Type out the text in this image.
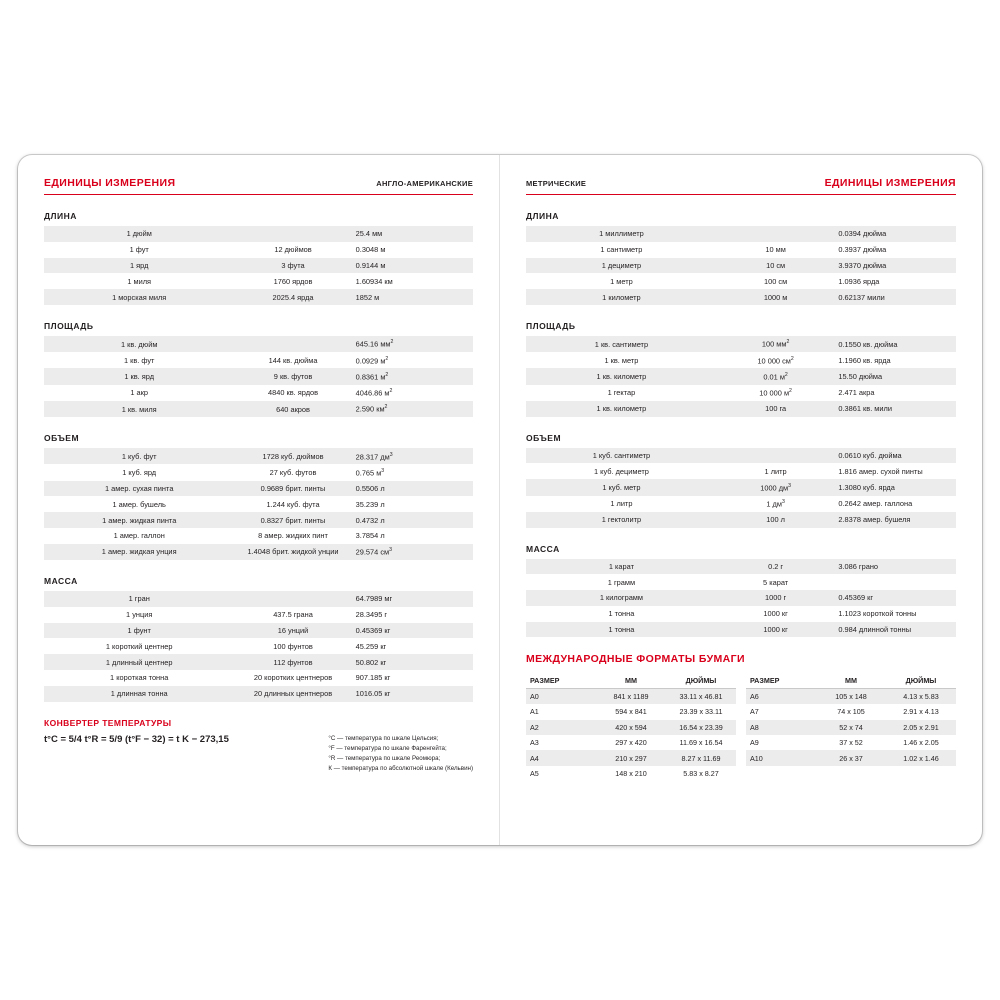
ЕДИНИЦЫ ИЗМЕРЕНИЯ	АНГЛО-АМЕРИКАНСКИЕ
ДЛИНА
1 дюйм		25.4 мм
1 фут	12 дюймов	0.3048 м
1 ярд	3 фута	0.9144 м
1 миля	1760 ярдов	1.60934 км
1 морская миля	2025.4 ярда	1852 м
ПЛОЩАДЬ
1 кв. дюйм		645.16 $мм^2$
1 кв. фут	144 кв. дюйма	0.0929 $м^2$
1 кв. ярд	9 кв. футов	0.8361 $м^2$
1 акр	4840 кв. ярдов	4046.86 $м^2$
1 кв. миля	640 акров	2.590 $км^2$
ОБЪЕМ
1 куб. фут	1728 куб. дюймов	28.317 $дм^3$
1 куб. ярд	27 куб. футов	0.765 $м^3$
1 амер. сухая пинта	0.9689 брит. пинты	0.5506 л
1 амер. бушель	1.244 куб. фута	35.239 л
1 амер. жидкая пинта	0.8327 брит. пинты	0.4732 л
1 амер. галлон	8 амер. жидких пинт	3.7854 л
1 амер. жидкая унция	1.4048 брит. жидкой унции	29.574 $см^3$
МАССА
1 гран		64.7989 мг
1 унция	437.5 грана	28.3495 г
1 фунт	16 унций	0.45369 кг
1 короткий центнер	100 фунтов	45.259 кг
1 длинный центнер	112 фунтов	50.802 кг
1 короткая тонна	20 коротких центнеров	907.185 кг
1 длинная тонна	20 длинных центнеров	1016.05 кг
КОНВЕРТЕР ТЕМПЕРАТУРЫ
t°C = 5/4 t°R = 5/9 (t°F − 32) = t K − 273,15	°С — температура по шкале Цельсия;
°F — температура по шкале Фаренгейта;
°R — температура по шкале Реомюра;
К — температура по абсолютной шкале (Кельвин)
МЕТРИЧЕСКИЕ	ЕДИНИЦЫ ИЗМЕРЕНИЯ
ДЛИНА
1 миллиметр		0.0394 дюйма
1 сантиметр	10 мм	0.3937 дюйма
1 дециметр	10 см	3.9370 дюйма
1 метр	100 см	1.0936 ярда
1 километр	1000 м	0.62137 мили
ПЛОЩАДЬ
1 кв. сантиметр	100 $мм^2$	0.1550 кв. дюйма
1 кв. метр	10 000 $см^2$	1.1960 кв. ярда
1 кв. километр	0.01 $м^2$	15.50 дюйма
1 гектар	10 000 $м^2$	2.471 акра
1 кв. километр	100 га	0.3861 кв. мили
ОБЪЕМ
1 куб. сантиметр		0.0610 куб. дюйма
1 куб. дециметр	1 литр	1.816 амер. сухой пинты
1 куб. метр	1000 $дм^3$	1.3080 куб. ярда
1 литр	1 $дм^3$	0.2642 амер. галлона
1 гектолитр	100 л	2.8378 амер. бушеля
МАССА
1 карат	0.2 г	3.086 грано
1 грамм	5 карат	
1 килограмм	1000 г	0.45369 кг
1 тонна	1000 кг	1.1023 короткой тонны
1 тонна	1000 кг	0.984 длинной тонны
МЕЖДУНАРОДНЫЕ ФОРМАТЫ БУМАГИ
РАЗМЕР	ММ	ДЮЙМЫ
A0	841 x 1189	33.11 x 46.81
A1	594 x 841	23.39 x 33.11
A2	420 x 594	16.54 x 23.39
A3	297 x 420	11.69 x 16.54
A4	210 x 297	8.27 x 11.69
A5	148 x 210	5.83 x 8.27
РАЗМЕР	ММ	ДЮЙМЫ
A6	105 x 148	4.13 x 5.83
A7	74 x 105	2.91 x 4.13
A8	52 x 74	2.05 x 2.91
A9	37 x 52	1.46 x 2.05
A10	26 x 37	1.02 x 1.46
